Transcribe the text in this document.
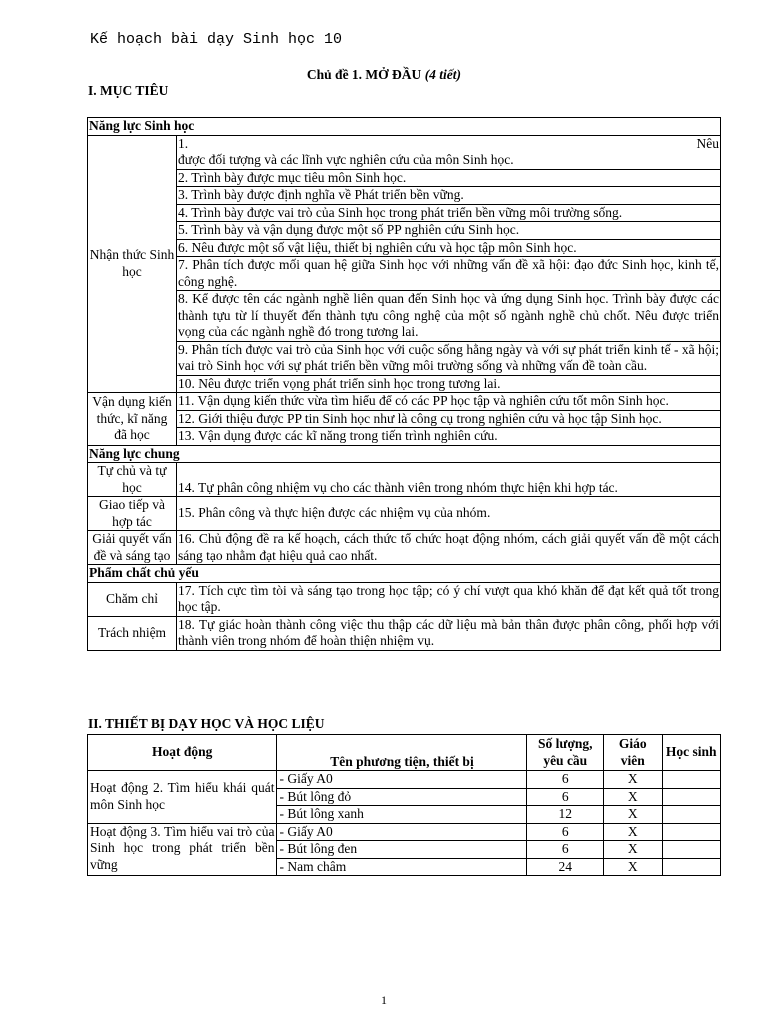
Kế hoạch bài dạy Sinh học 10
Chủ đề 1. MỞ ĐẦU (4 tiết)
I. MỤC TIÊU
Năng lực Sinh học	
Nhận thức Sinh học	1. Nêu
được đối tượng và các lĩnh vực nghiên cứu của môn Sinh học.
	2. Trình bày được mục tiêu môn Sinh học.
	3. Trình bày được định nghĩa về Phát triển bền vững.
	4. Trình bày được vai trò của Sinh học trong phát triển bền vững môi trường sống.
	5. Trình bày và vận dụng được một số PP nghiên cứu Sinh học.
	6. Nêu được một số vật liệu, thiết bị nghiên cứu và học tập môn Sinh học.
	7. Phân tích được mối quan hệ giữa Sinh học với những vấn đề xã hội: đạo đức Sinh học, kinh tế, công nghệ.
	8. Kể được tên các ngành nghề liên quan đến Sinh học và ứng dụng Sinh học. Trình bày được các thành tựu từ lí thuyết đến thành tựu công nghệ của một số ngành nghề chủ chốt. Nêu được triển vọng của các ngành nghề đó trong tương lai.
	9. Phân tích được vai trò của Sinh học với cuộc sống hằng ngày và với sự phát triển kinh tế - xã hội; vai trò Sinh học với sự phát triển bền vững môi trường sống và những vấn đề toàn cầu.
	10. Nêu được triển vọng phát triển sinh học trong tương lai.
Vận dụng kiến thức, kĩ năng đã học	11. Vận dụng kiến thức vừa tìm hiểu để có các PP học tập và nghiên cứu tốt môn Sinh học.
	12. Giới thiệu được PP tin Sinh học như là công cụ trong nghiên cứu và học tập Sinh học.
	13. Vận dụng được các kĩ năng trong tiến trình nghiên cứu.
Năng lực chung	
Tự chủ và tự học	14. Tự phân công nhiệm vụ cho các thành viên trong nhóm thực hiện khi hợp tác.
Giao tiếp và hợp tác	15. Phân công và thực hiện được các nhiệm vụ của nhóm.
Giải quyết vấn đề và sáng tạo	16. Chủ động đề ra kế hoạch, cách thức tổ chức hoạt động nhóm, cách giải quyết vấn đề một cách sáng tạo nhằm đạt hiệu quả cao nhất.
Phẩm chất chủ yếu	
Chăm chỉ	17. Tích cực tìm tòi và sáng tạo trong học tập; có ý chí vượt qua khó khăn để đạt kết quả tốt trong học tập.
Trách nhiệm	18. Tự giác hoàn thành công việc thu thập các dữ liệu mà bản thân được phân công, phối hợp với thành viên trong nhóm để hoàn thiện nhiệm vụ.
II. THIẾT BỊ DẠY HỌC VÀ HỌC LIỆU
Hoạt động	Tên phương tiện, thiết bị	Số lượng, yêu cầu	Giáo viên	Học sinh
Hoạt động 2. Tìm hiểu khái quát môn Sinh học	- Giấy A0	6	X	
	- Bút lông đỏ	6	X	
	- Bút lông xanh	12	X	
Hoạt động 3. Tìm hiểu vai trò của Sinh học trong phát triển bền vững	- Giấy A0	6	X	
	- Bút lông đen	6	X	
	- Nam châm	24	X	
1
